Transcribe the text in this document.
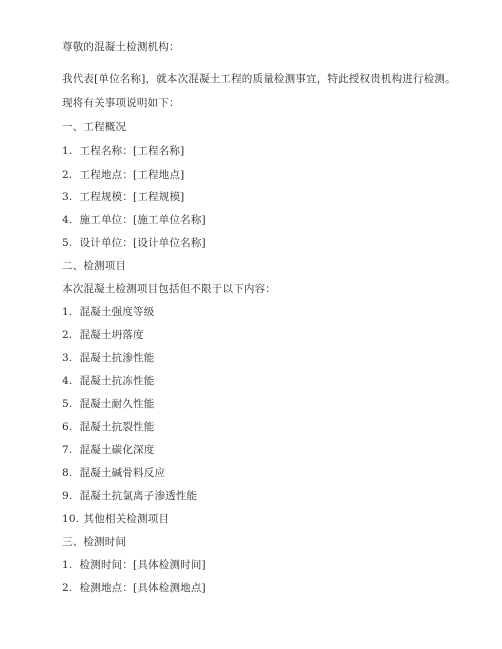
尊敬的混凝土检测机构：
我代表[单位名称]，就本次混凝土工程的质量检测事宜，特此授权贵机构进行检测。
现将有关事项说明如下：
一、工程概况
1. 工程名称：[工程名称]
2. 工程地点：[工程地点]
3. 工程规模：[工程规模]
4. 施工单位：[施工单位名称]
5. 设计单位：[设计单位名称]
二、检测项目
本次混凝土检测项目包括但不限于以下内容：
1. 混凝土强度等级
2. 混凝土坍落度
3. 混凝土抗渗性能
4. 混凝土抗冻性能
5. 混凝土耐久性能
6. 混凝土抗裂性能
7. 混凝土碳化深度
8. 混凝土碱骨料反应
9. 混凝土抗氯离子渗透性能
10. 其他相关检测项目
三、检测时间
1. 检测时间：[具体检测时间]
2. 检测地点：[具体检测地点]
